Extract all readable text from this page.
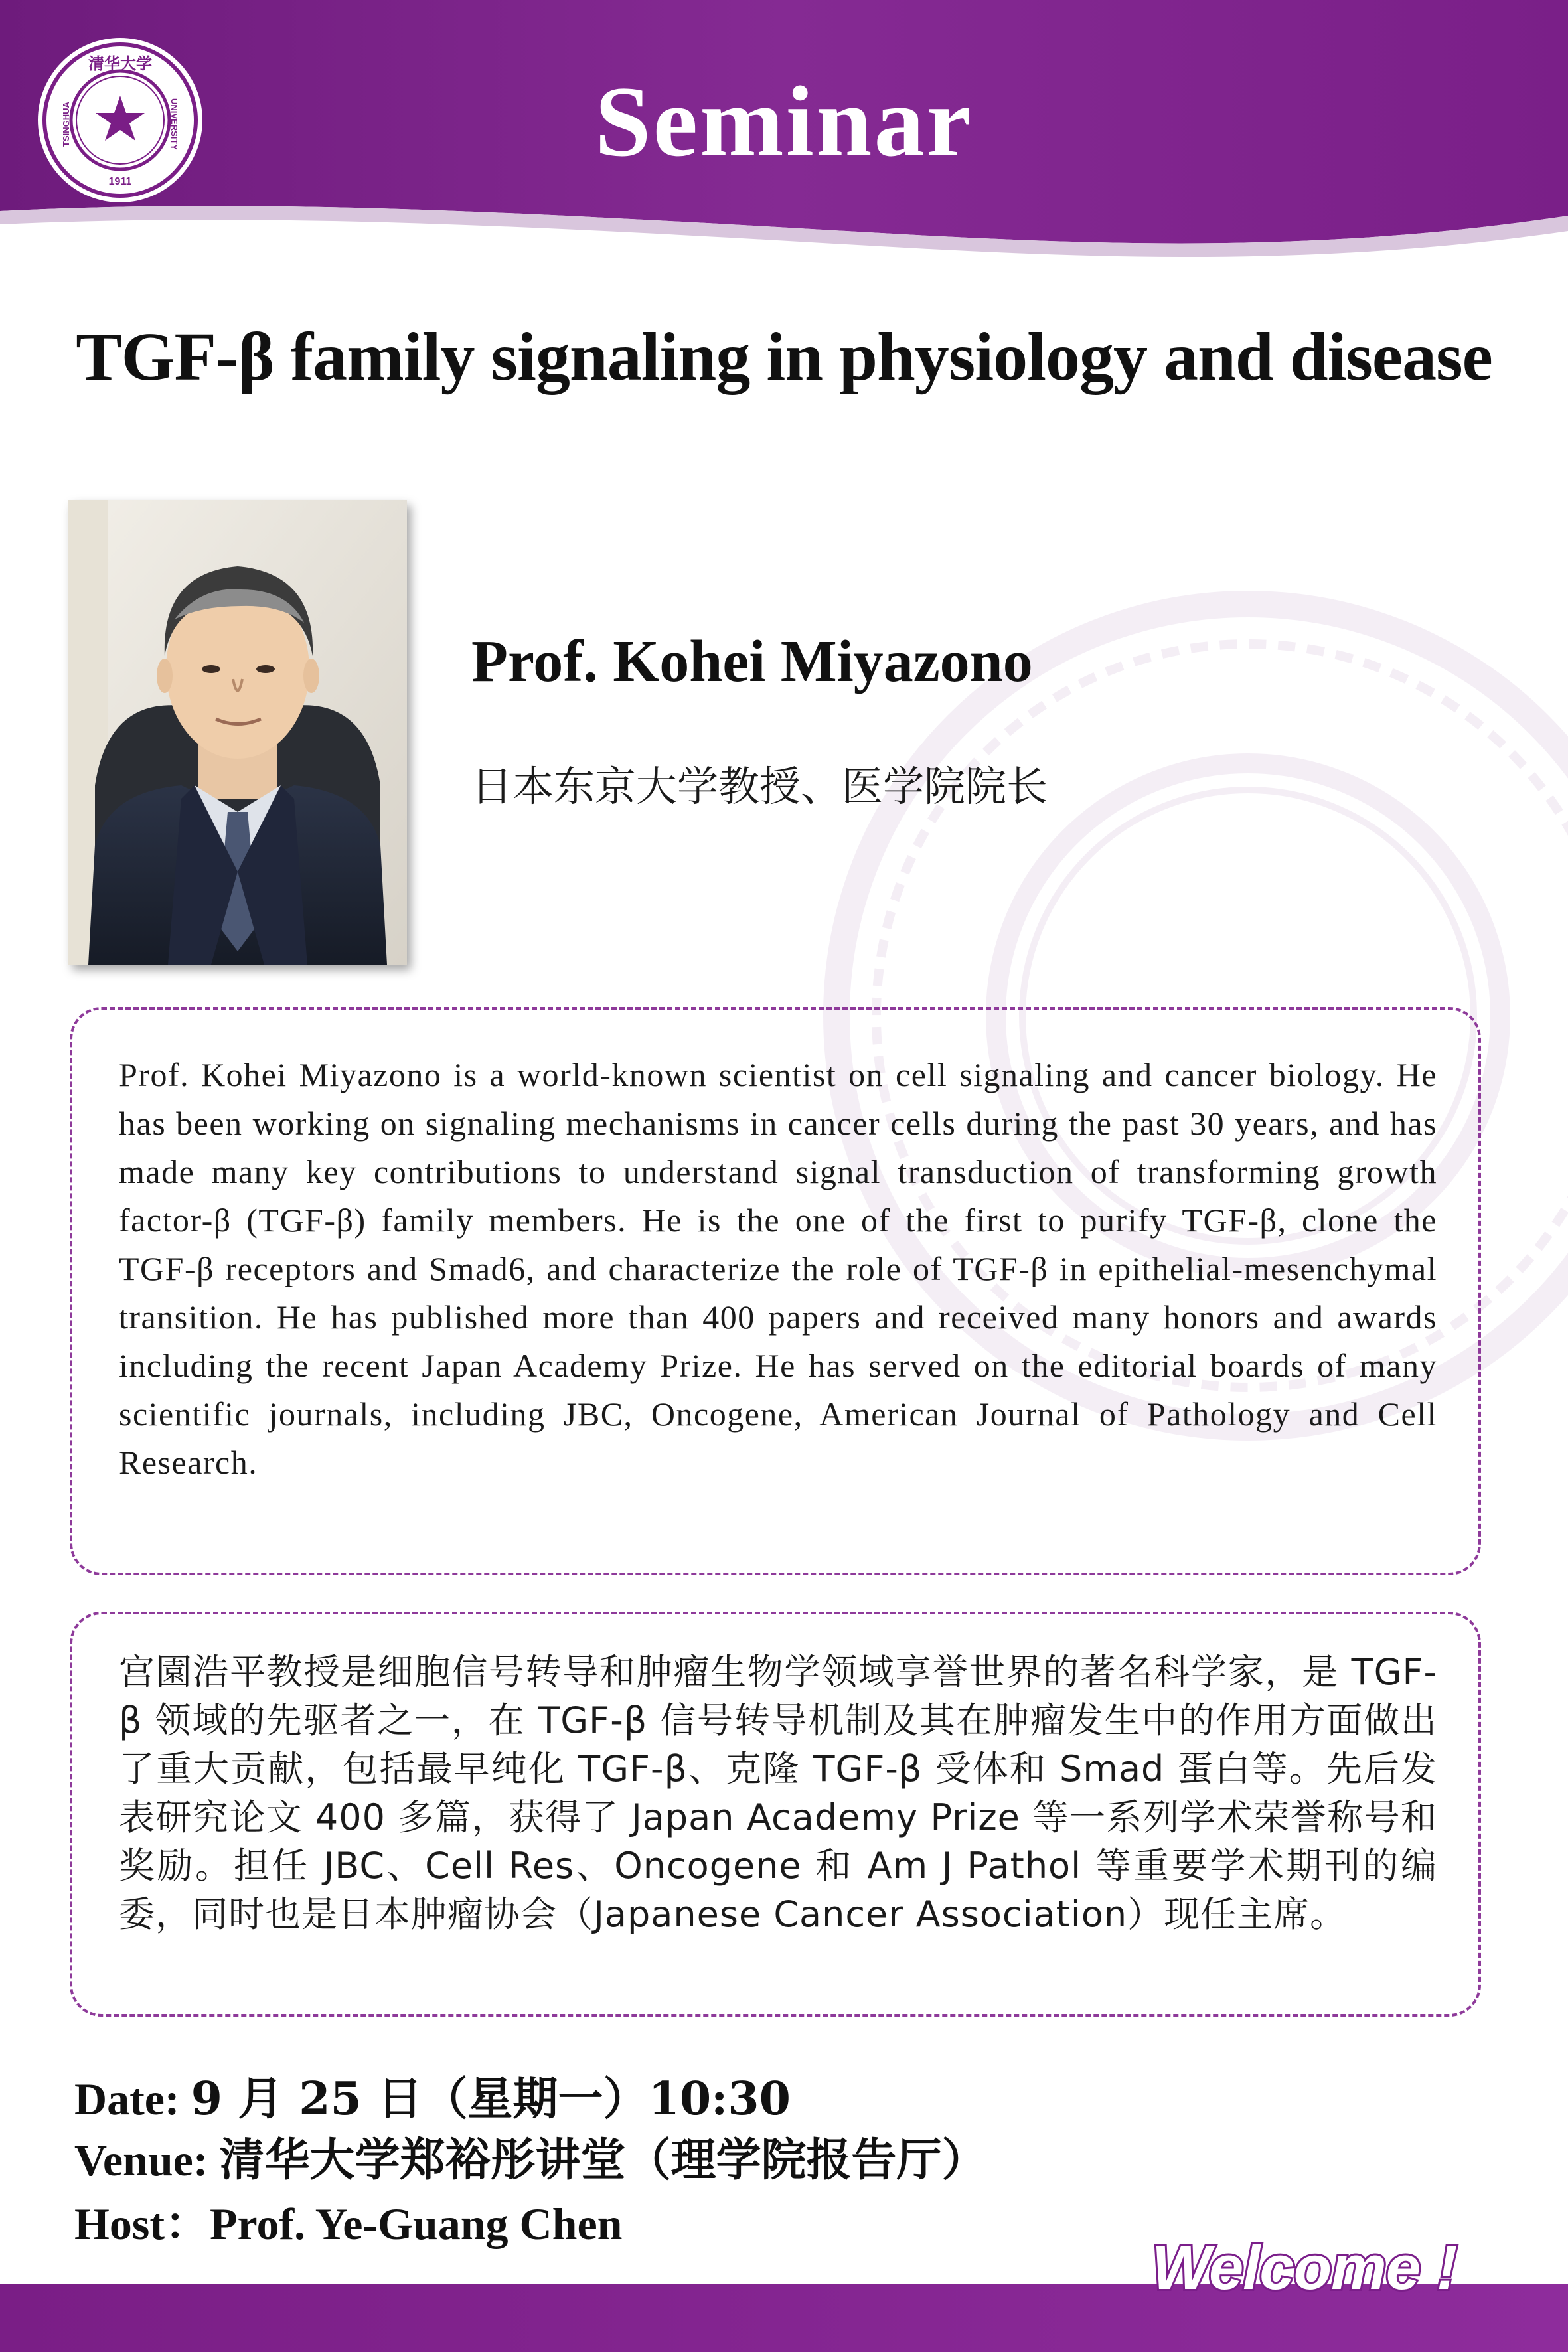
清华大学
TSINGHUA	UNIVERSITY
1911
Seminar
TGF-β family signaling in physiology and disease
Prof. Kohei Miyazono
日本东京大学教授、医学院院长

Prof. Kohei Miyazono is a world-known scientist on cell signaling and cancer biology. He has been working on signaling mechanisms in cancer cells during the past 30 years, and has made many key contributions to understand signal transduction of transforming growth factor-β (TGF-β) family members. He is the one of the first to purify TGF-β, clone the TGF-β receptors and Smad6, and characterize the role of TGF-β in epithelial-mesenchymal transition. He has published more than 400 papers and received many honors and awards including the recent Japan Academy Prize. He has served on the editorial boards of many scientific journals, including JBC, Oncogene, American Journal of Pathology and Cell Research.

宫園浩平教授是细胞信号转导和肿瘤生物学领域享誉世界的著名科学家，是 TGF-β 领域的先驱者之一，在 TGF-β 信号转导机制及其在肿瘤发生中的作用方面做出了重大贡献，包括最早纯化 TGF-β、克隆 TGF-β 受体和 Smad 蛋白等。先后发表研究论文 400 多篇，获得了 Japan Academy Prize 等一系列学术荣誉称号和奖励。担任 JBC、Cell Res、Oncogene 和 Am J Pathol 等重要学术期刊的编委，同时也是日本肿瘤协会（Japanese Cancer Association）现任主席。

Date: 9 月 25 日（星期一）10:30
Venue: 清华大学郑裕彤讲堂（理学院报告厅）
Host：Prof. Ye-Guang Chen
Welcome !
